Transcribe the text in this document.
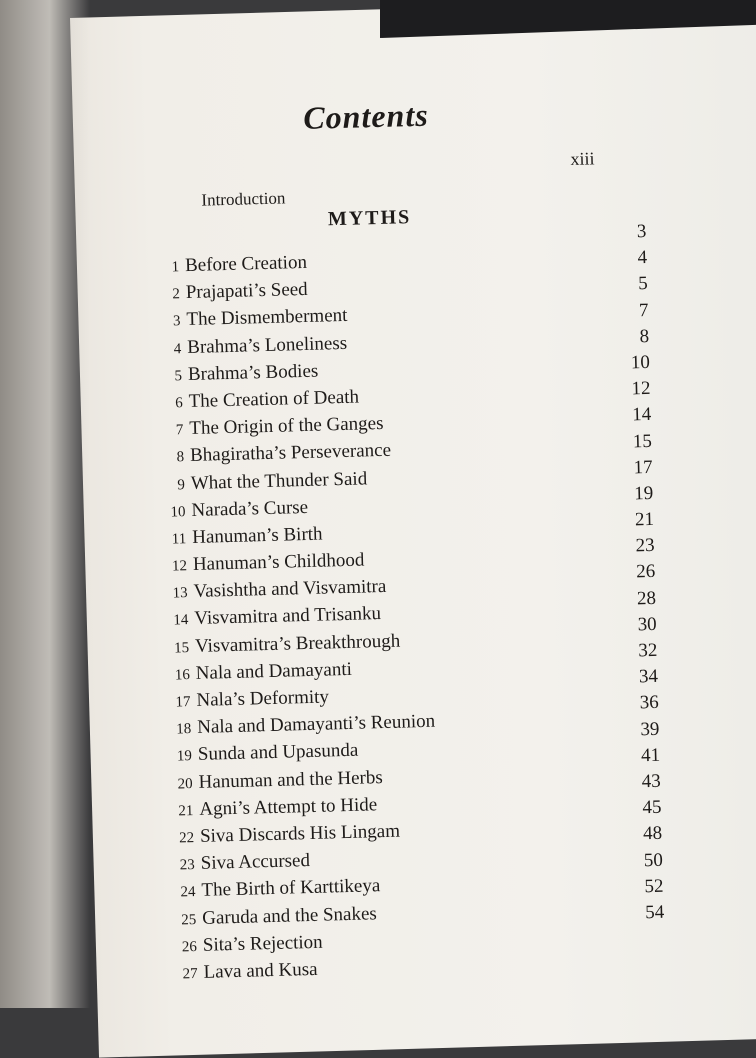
Contents
xiii
Introduction
MYTHS
1 Before Creation
2 Prajapati’s Seed
3 The Dismemberment
4 Brahma’s Loneliness
5 Brahma’s Bodies
6 The Creation of Death
7 The Origin of the Ganges
8 Bhagiratha’s Perseverance
9 What the Thunder Said
10 Narada’s Curse
11 Hanuman’s Birth
12 Hanuman’s Childhood
13 Vasishtha and Visvamitra
14 Visvamitra and Trisanku
15 Visvamitra’s Breakthrough
16 Nala and Damayanti
17 Nala’s Deformity
18 Nala and Damayanti’s Reunion
19 Sunda and Upasunda
20 Hanuman and the Herbs
21 Agni’s Attempt to Hide
22 Siva Discards His Lingam
23 Siva Accursed
24 The Birth of Karttikeya
25 Garuda and the Snakes
26 Sita’s Rejection
27 Lava and Kusa
3
4
5
7
8
10
12
14
15
17
19
21
23
26
28
30
32
34
36
39
41
43
45
48
50
52
54
